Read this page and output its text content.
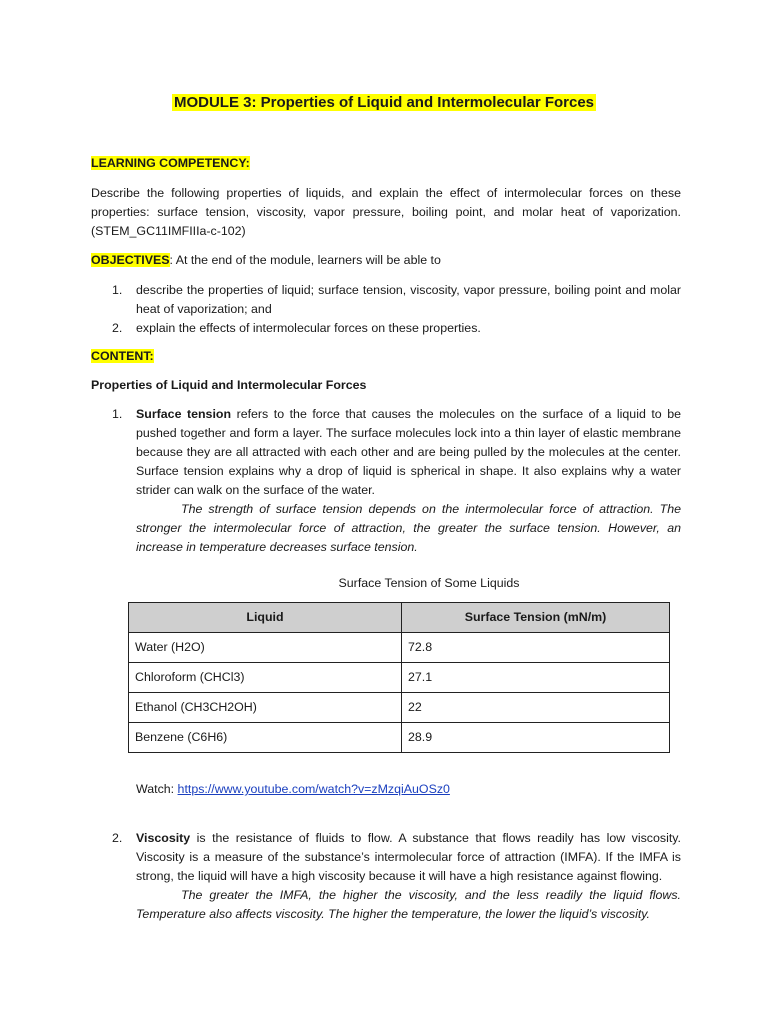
MODULE 3: Properties of Liquid and Intermolecular Forces
LEARNING COMPETENCY:
Describe the following properties of liquids, and explain the effect of intermolecular forces on these properties: surface tension, viscosity, vapor pressure, boiling point, and molar heat of vaporization. (STEM_GC11IMFIIIa-c-102)
OBJECTIVES: At the end of the module, learners will be able to
1.	describe the properties of liquid; surface tension, viscosity, vapor pressure, boiling point and molar heat of vaporization; and
2.	explain the effects of intermolecular forces on these properties.
CONTENT:
Properties of Liquid and Intermolecular Forces
1.	Surface tension refers to the force that causes the molecules on the surface of a liquid to be pushed together and form a layer. The surface molecules lock into a thin layer of elastic membrane because they are all attracted with each other and are being pulled by the molecules at the center. Surface tension explains why a drop of liquid is spherical in shape. It also explains why a water strider can walk on the surface of the water.
The strength of surface tension depends on the intermolecular force of attraction. The stronger the intermolecular force of attraction, the greater the surface tension. However, an increase in temperature decreases surface tension.
Surface Tension of Some Liquids
Liquid	Surface Tension (mN/m)
Water (H2O)	72.8
Chloroform (CHCl3)	27.1
Ethanol (CH3CH2OH)	22
Benzene (C6H6)	28.9
Watch: https://www.youtube.com/watch?v=zMzqiAuOSz0
2.	Viscosity is the resistance of fluids to flow. A substance that flows readily has low viscosity. Viscosity is a measure of the substance’s intermolecular force of attraction (IMFA). If the IMFA is strong, the liquid will have a high viscosity because it will have a high resistance against flowing.
The greater the IMFA, the higher the viscosity, and the less readily the liquid flows. Temperature also affects viscosity. The higher the temperature, the lower the liquid’s viscosity.
